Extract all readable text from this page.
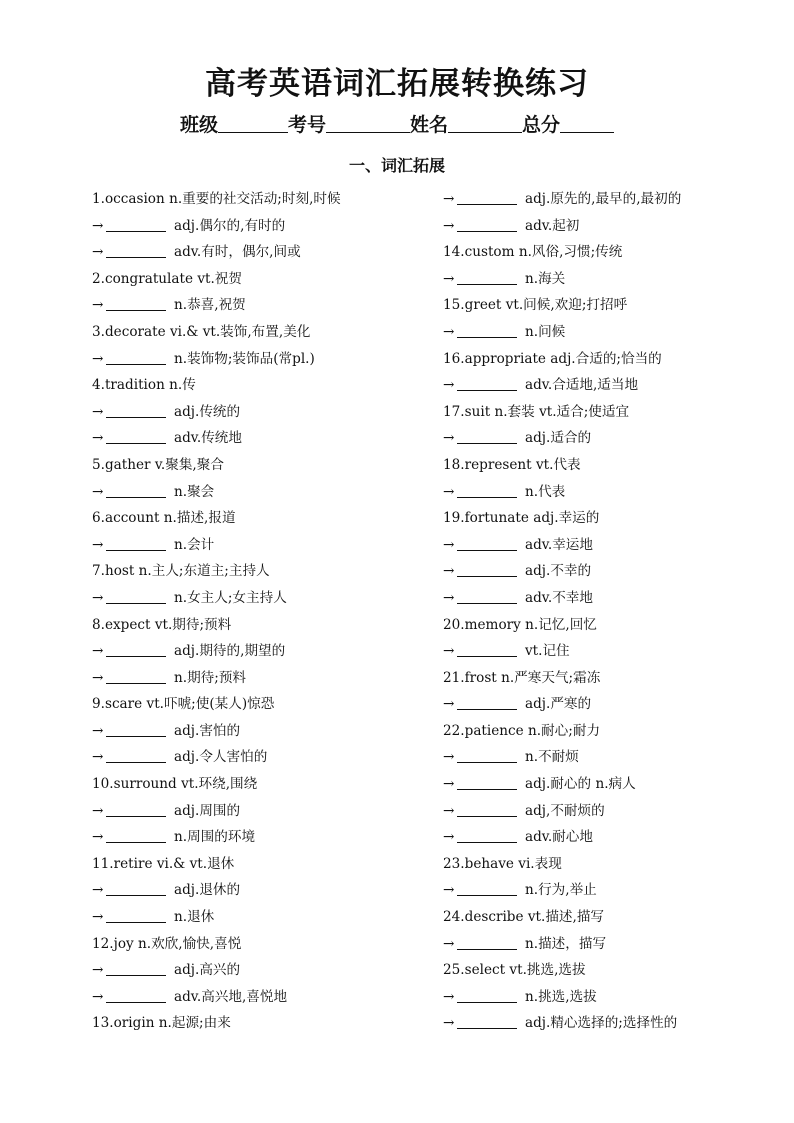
高考英语词汇拓展转换练习
班级	考号	姓名	总分
一、词汇拓展
1.occasion n.重要的社交活动;时刻,时候
→	adj.偶尔的,有时的
→	adv.有时，偶尔,间或
2.congratulate vt.祝贺
→	n.恭喜,祝贺
3.decorate vi.& vt.装饰,布置,美化
→	n.装饰物;装饰品(常pl.)
4.tradition n.传
→	adj.传统的
→	adv.传统地
5.gather v.聚集,聚合
→	n.聚会
6.account n.描述,报道
→	n.会计
7.host n.主人;东道主;主持人
→	n.女主人;女主持人
8.expect vt.期待;预料
→	adj.期待的,期望的
→	n.期待;预料
9.scare vt.吓唬;使(某人)惊恐
→	adj.害怕的
→	adj.令人害怕的
10.surround vt.环绕,围绕
→	adj.周围的
→	n.周围的环境
11.retire vi.& vt.退休
→	adj.退休的
→	n.退休
12.joy n.欢欣,愉快,喜悦
→	adj.高兴的
→	adv.高兴地,喜悦地
13.origin n.起源;由来
→	adj.原先的,最早的,最初的
→	adv.起初
14.custom n.风俗,习惯;传统
→	n.海关
15.greet vt.问候,欢迎;打招呼
→	n.问候
16.appropriate adj.合适的;恰当的
→	adv.合适地,适当地
17.suit n.套装 vt.适合;使适宜
→	adj.适合的
18.represent vt.代表
→	n.代表
19.fortunate adj.幸运的
→	adv.幸运地
→	adj.不幸的
→	adv.不幸地
20.memory n.记忆,回忆
→	vt.记住
21.frost n.严寒天气;霜冻
→	adj.严寒的
22.patience n.耐心;耐力
→	n.不耐烦
→	adj.耐心的 n.病人
→	adj,不耐烦的
→	adv.耐心地
23.behave vi.表现
→	n.行为,举止
24.describe vt.描述,描写
→	n.描述，描写
25.select vt.挑选,选拔
→	n.挑选,选拔
→	adj.精心选择的;选择性的
